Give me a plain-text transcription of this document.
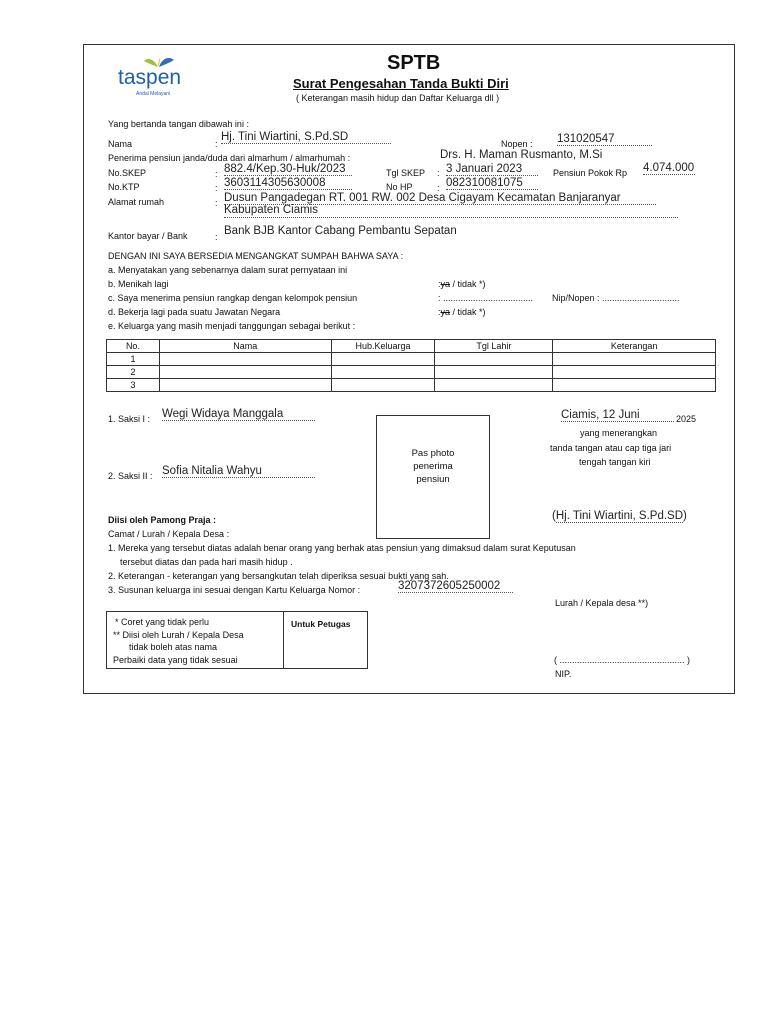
taspen
Andal Melayani
SPTB
Surat Pengesahan Tanda Bukti Diri
( Keterangan masih hidup dan Daftar Keluarga dll )
Yang bertanda tangan dibawah ini :
Nama	:
Hj. Tini Wiartini, S.Pd.SD
Nopen : 131020547
Penerima pensiun janda/duda dari almarhum / almarhumah :	Drs. H. Maman Rusmanto, M.Si
No.SKEP	: 882.4/Kep.30-Huk/2023	Tgl SKEP : 3 Januari 2023	Pensiun Pokok Rp 4.074.000
No.KTP	: 3603114305630008	No HP	: 082310081075
Alamat rumah	: Dusun Pangadegan RT. 001 RW. 002 Desa Cigayam Kecamatan Banjaranyar
Kabupaten Ciamis
Kantor bayar / Bank	: Bank BJB Kantor Cabang Pembantu Sepatan
DENGAN INI SAYA BERSEDIA MENGANGKAT SUMPAH BAHWA SAYA :
a. Menyatakan yang sebenarnya dalam surat pernyataan ini
b. Menikah lagi	:ya / tidak *)
c. Saya menerima pensiun rangkap dengan kelompok pensiun	: .................................... Nip/Nopen : ...............................
d. Bekerja lagi pada suatu Jawatan Negara	:ya / tidak *)
e. Keluarga yang masih menjadi tanggungan sebagai berikut :
No.	Nama	Hub.Keluarga	Tgl Lahir	Keterangan
1				
2				
3				
1. Saksi I : Wegi Widaya Manggala
2. Saksi II : Sofia Nitalia Wahyu
Pas photo
penerima
pensiun
Ciamis, 12 Juni	2025
yang menerangkan
tanda tangan atau cap tiga jari
tengah tangan kiri
(Hj. Tini Wiartini, S.Pd.SD)
Diisi oleh Pamong Praja :
Camat / Lurah / Kepala Desa :
1. Mereka yang tersebut diatas adalah benar orang yang berhak atas pensiun yang dimaksud dalam surat Keputusan
tersebut diatas dan pada hari masih hidup .
2. Keterangan - keterangan yang bersangkutan telah diperiksa sesuai bukti yang sah.
3. Susunan keluarga ini sesuai dengan Kartu Keluarga Nomor :	3207372605250002
Lurah / Kepala desa **)
( .................................................. )
NIP.
* Coret yang tidak perlu
** Diisi oleh Lurah / Kepala Desa
tidak boleh atas nama
Perbaiki data yang tidak sesuai
Untuk Petugas
